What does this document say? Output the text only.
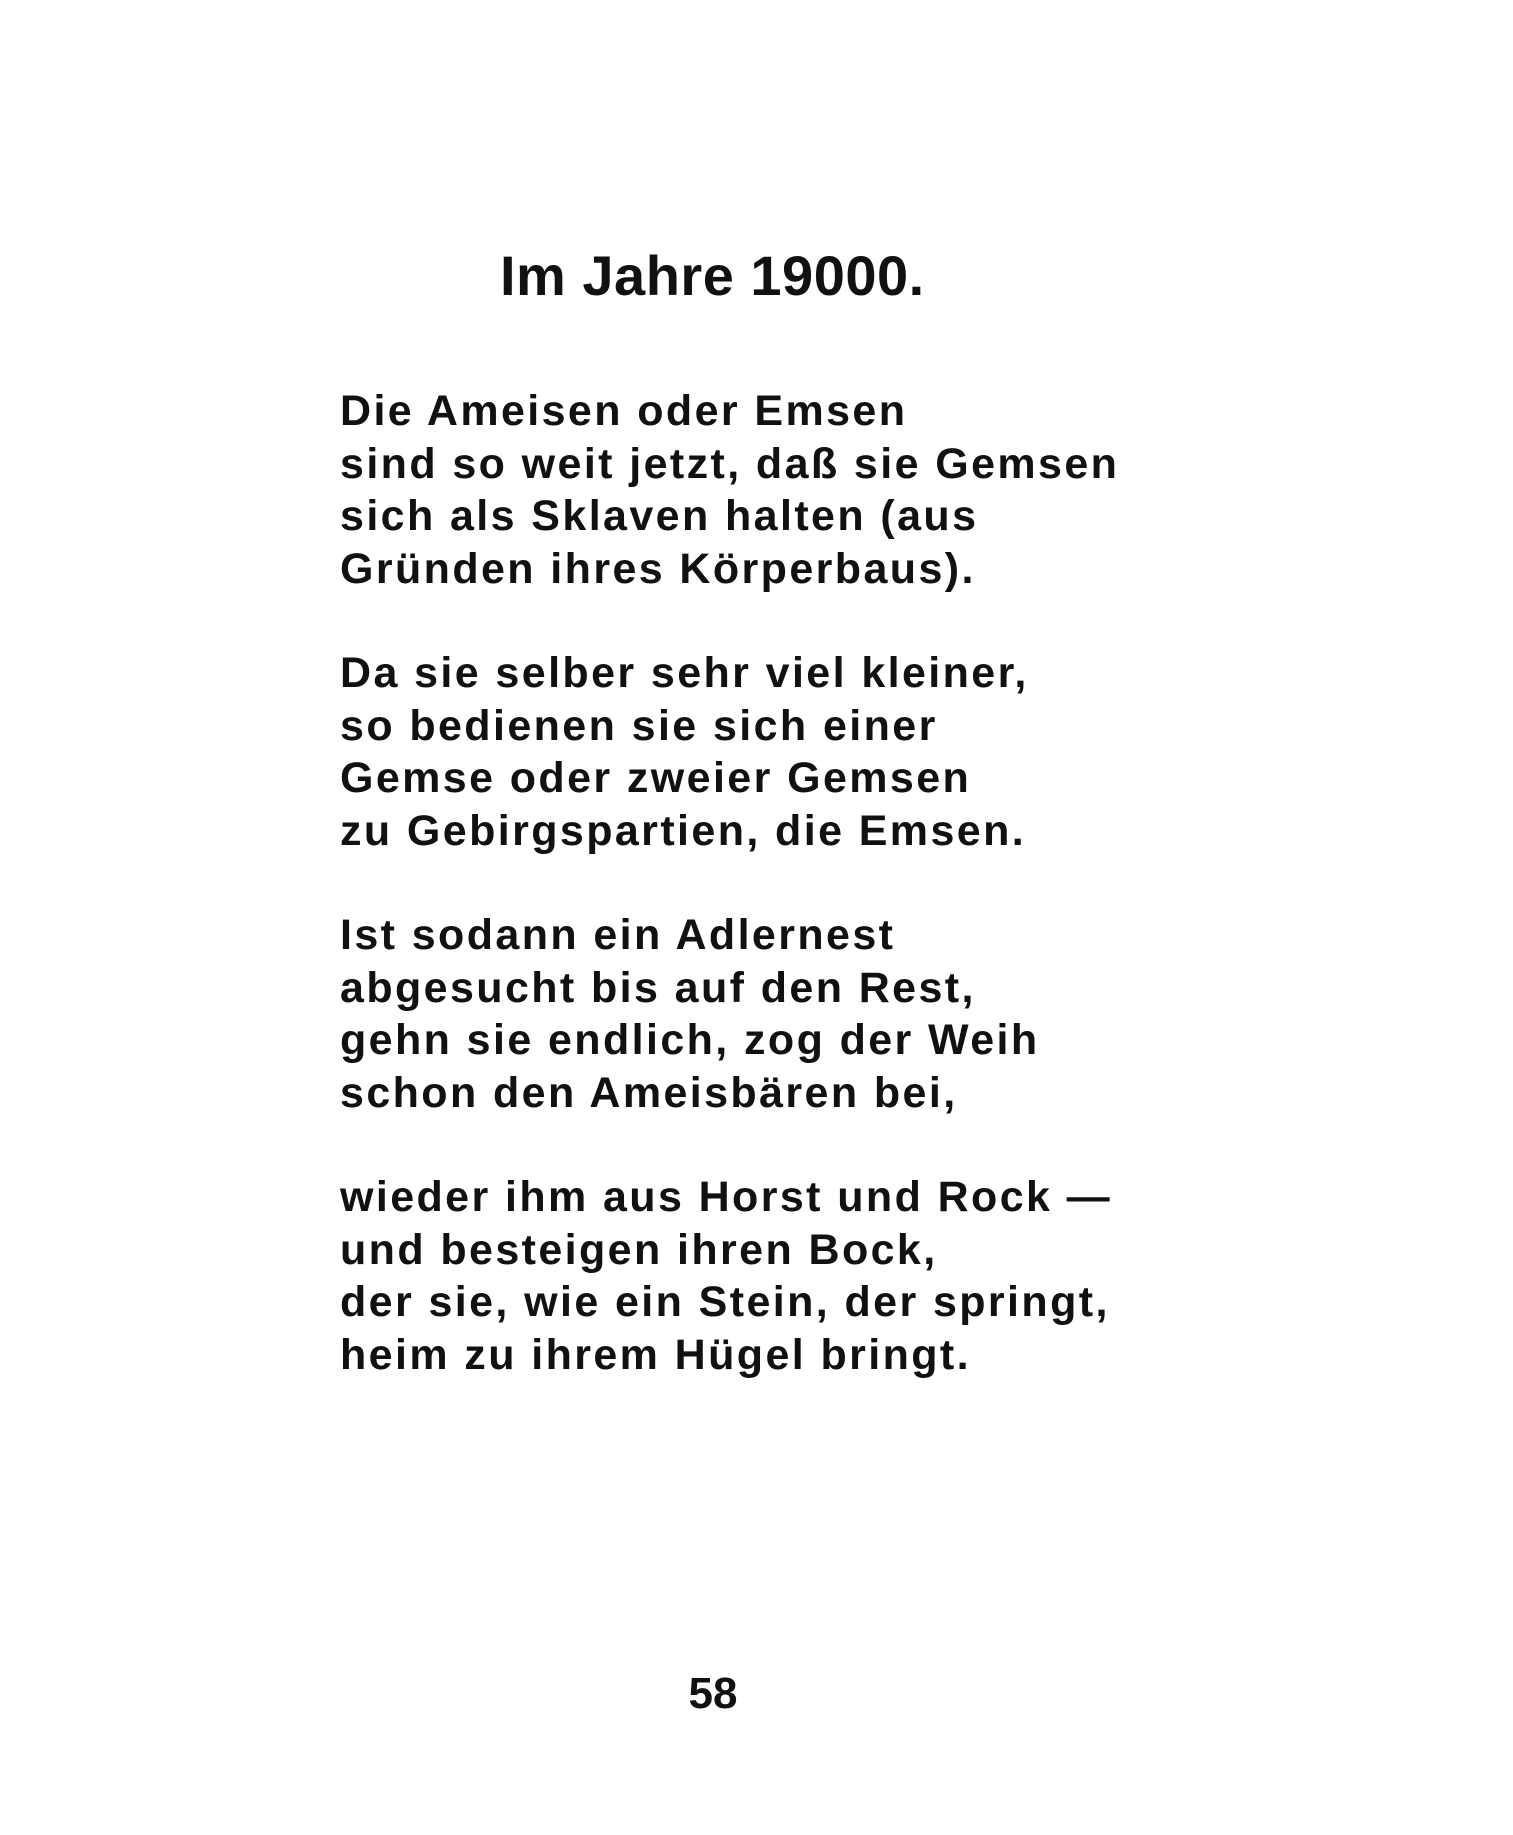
Im Jahre 19000.
Die Ameisen oder Emsen
sind so weit jetzt, daß sie Gemsen
sich als Sklaven halten (aus
Gründen ihres Körperbaus).
Da sie selber sehr viel kleiner,
so bedienen sie sich einer
Gemse oder zweier Gemsen
zu Gebirgspartien, die Emsen.
Ist sodann ein Adlernest
abgesucht bis auf den Rest,
gehn sie endlich, zog der Weih
schon den Ameisbären bei,
wieder ihm aus Horst und Rock —
und besteigen ihren Bock,
der sie, wie ein Stein, der springt,
heim zu ihrem Hügel bringt.
58
